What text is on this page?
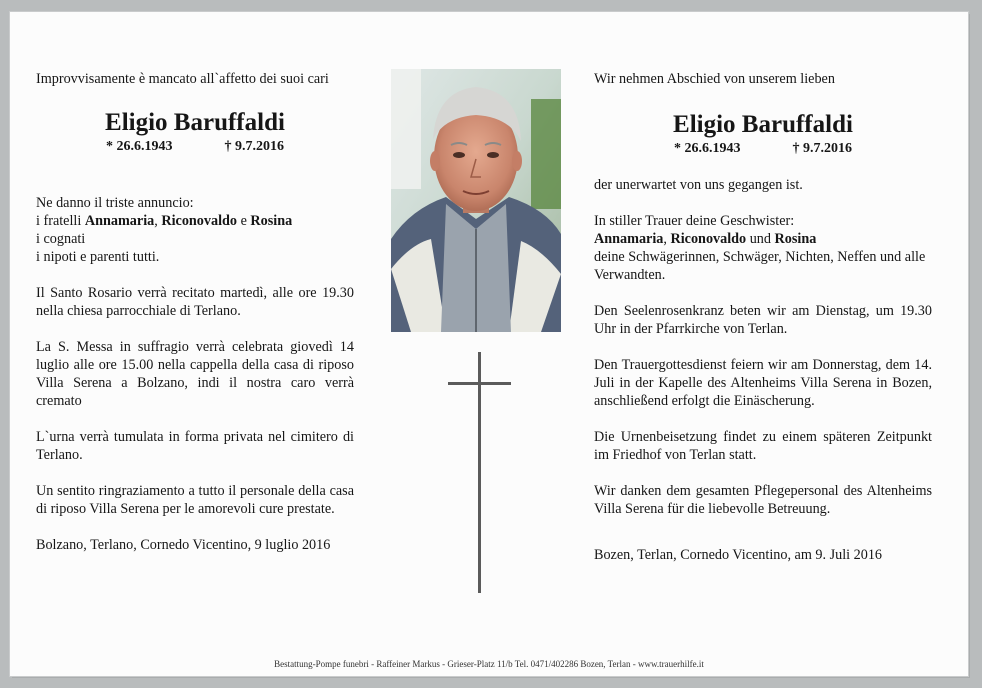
Improvvisamente è mancato all`affetto dei suoi cari

Eligio Baruffaldi
* 26.6.1943	† 9.7.2016

Ne danno il triste annuncio:
i fratelli Annamaria, Riconovaldo e Rosina
i cognati
i nipoti e parenti tutti.

Il Santo Rosario verrà recitato martedì, alle ore 19.30 nella chiesa parrocchiale di Terlano.

La S. Messa in suffragio verrà celebrata giovedì 14 luglio alle ore 15.00 nella cappella della casa di riposo Villa Serena a Bolzano, indi il nostra caro verrà cremato

L`urna verrà tumulata in forma privata nel cimitero di Terlano.

Un sentito ringraziamento a tutto il personale della casa di riposo Villa Serena per le amorevoli cure prestate.

Bolzano, Terlano, Cornedo Vicentino, 9 luglio 2016

Wir nehmen Abschied von unserem lieben

Eligio Baruffaldi
* 26.6.1943	† 9.7.2016

der unerwartet von uns gegangen ist.

In stiller Trauer deine Geschwister:
Annamaria, Riconovaldo und Rosina
deine Schwägerinnen, Schwäger, Nichten, Neffen und alle Verwandten.

Den Seelenrosenkranz beten wir am Dienstag, um 19.30 Uhr in der Pfarrkirche von Terlan.

Den Trauergottesdienst feiern wir am Donnerstag, dem 14. Juli in der Kapelle des Altenheims Villa Serena in Bozen, anschließend erfolgt die Einäscherung.

Die Urnenbeisetzung findet zu einem späteren Zeitpunkt im Friedhof von Terlan statt.

Wir danken dem gesamten Pflegepersonal des Altenheims Villa Serena für die liebevolle Betreuung.

Bozen, Terlan, Cornedo Vicentino, am 9. Juli 2016

Bestattung-Pompe funebri - Raffeiner Markus - Grieser-Platz 11/b Tel. 0471/402286 Bozen, Terlan - www.trauerhilfe.it
